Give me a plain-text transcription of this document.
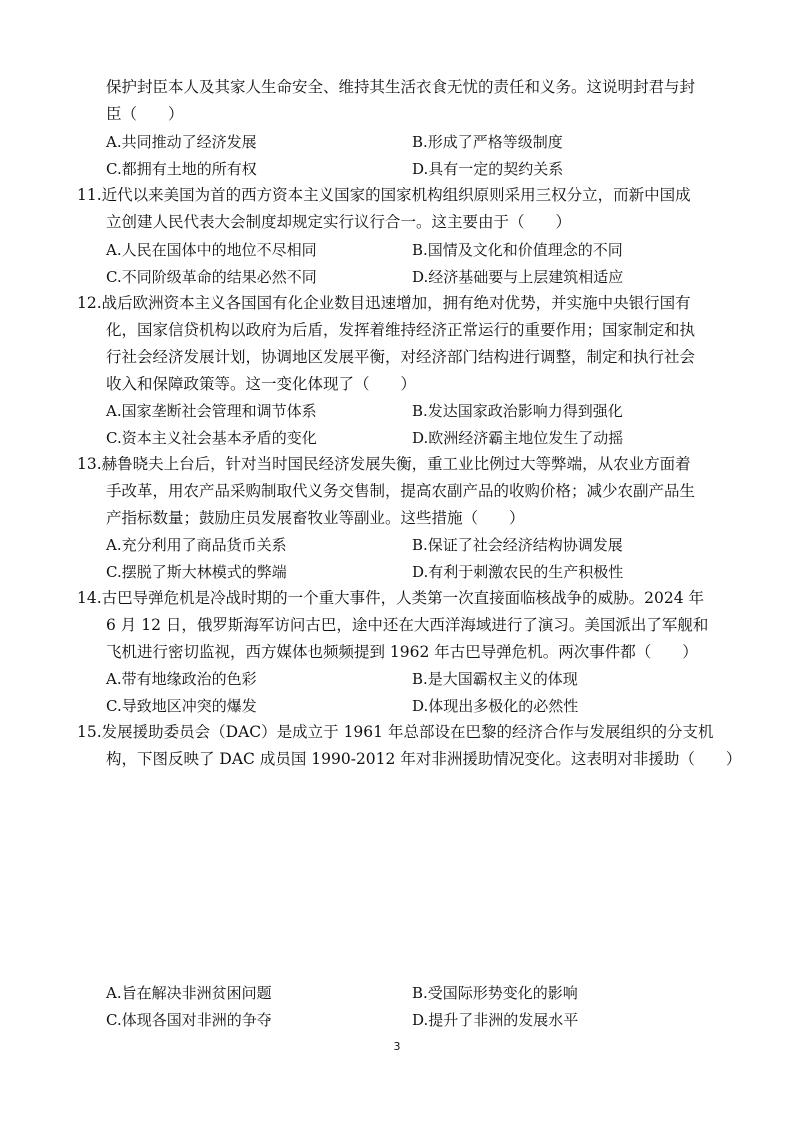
保护封臣本人及其家人生命安全、维持其生活衣食无忧的责任和义务。这说明封君与封
臣（　　）
A.共同推动了经济发展	B.形成了严格等级制度
C.都拥有土地的所有权	D.具有一定的契约关系
11.近代以来美国为首的西方资本主义国家的国家机构组织原则采用三权分立，而新中国成
立创建人民代表大会制度却规定实行议行合一。这主要由于（　　）
A.人民在国体中的地位不尽相同	B.国情及文化和价值理念的不同
C.不同阶级革命的结果必然不同	D.经济基础要与上层建筑相适应
12.战后欧洲资本主义各国国有化企业数目迅速增加，拥有绝对优势，并实施中央银行国有
化，国家信贷机构以政府为后盾，发挥着维持经济正常运行的重要作用；国家制定和执
行社会经济发展计划，协调地区发展平衡，对经济部门结构进行调整，制定和执行社会
收入和保障政策等。这一变化体现了（　　）
A.国家垄断社会管理和调节体系	B.发达国家政治影响力得到强化
C.资本主义社会基本矛盾的变化	D.欧洲经济霸主地位发生了动摇
13.赫鲁晓夫上台后，针对当时国民经济发展失衡，重工业比例过大等弊端，从农业方面着
手改革，用农产品采购制取代义务交售制，提高农副产品的收购价格；减少农副产品生
产指标数量；鼓励庄员发展畜牧业等副业。这些措施（　　）
A.充分利用了商品货币关系	B.保证了社会经济结构协调发展
C.摆脱了斯大林模式的弊端	D.有利于刺激农民的生产积极性
14.古巴导弹危机是冷战时期的一个重大事件，人类第一次直接面临核战争的威胁。2024 年
6 月 12 日，俄罗斯海军访问古巴，途中还在大西洋海域进行了演习。美国派出了军舰和
飞机进行密切监视，西方媒体也频频提到 1962 年古巴导弹危机。两次事件都（　　）
A.带有地缘政治的色彩	B.是大国霸权主义的体现
C.导致地区冲突的爆发	D.体现出多极化的必然性
15.发展援助委员会（DAC）是成立于 1961 年总部设在巴黎的经济合作与发展组织的分支机
构，下图反映了 DAC 成员国 1990-2012 年对非洲援助情况变化。这表明对非援助（　　）
A.旨在解决非洲贫困问题	B.受国际形势变化的影响
C.体现各国对非洲的争夺	D.提升了非洲的发展水平
3
